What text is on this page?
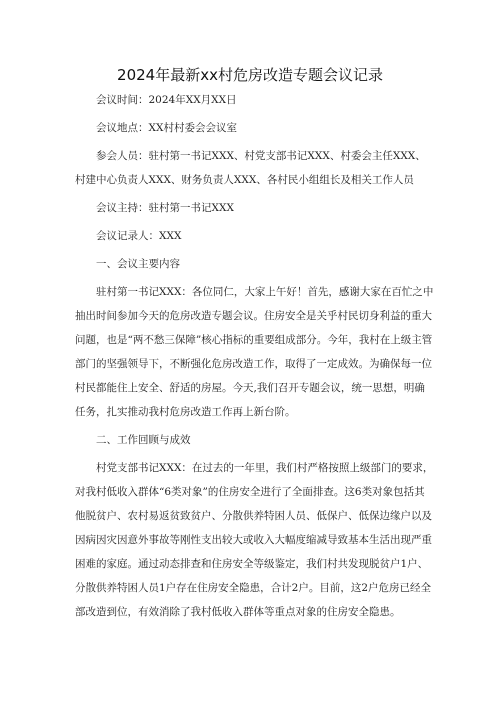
2024年最新xx村危房改造专题会议记录

会议时间：2024年XX月XX日

会议地点：XX村村委会会议室

参会人员：驻村第一书记XXX、村党支部书记XXX、村委会主任XXX、村建中心负责人XXX、财务负责人XXX、各村民小组组长及相关工作人员

会议主持：驻村第一书记XXX

会议记录人：XXX

一、会议主要内容

驻村第一书记XXX：各位同仁，大家上午好！首先，感谢大家在百忙之中抽出时间参加今天的危房改造专题会议。住房安全是关乎村民切身利益的重大问题，也是“两不愁三保障”核心指标的重要组成部分。今年，我村在上级主管部门的坚强领导下，不断强化危房改造工作，取得了一定成效。为确保每一位村民都能住上安全、舒适的房屋。今天,我们召开专题会议，统一思想，明确任务，扎实推动我村危房改造工作再上新台阶。

二、工作回顾与成效

村党支部书记XXX：在过去的一年里，我们村严格按照上级部门的要求，对我村低收入群体“6类对象”的住房安全进行了全面排查。这6类对象包括其他脱贫户、农村易返贫致贫户、分散供养特困人员、低保户、低保边缘户以及因病因灾因意外事故等刚性支出较大或收入大幅度缩减导致基本生活出现严重困难的家庭。通过动态排查和住房安全等级鉴定，我们村共发现脱贫户1户、分散供养特困人员1户存在住房安全隐患，合计2户。目前，这2户危房已经全部改造到位，有效消除了我村低收入群体等重点对象的住房安全隐患。
